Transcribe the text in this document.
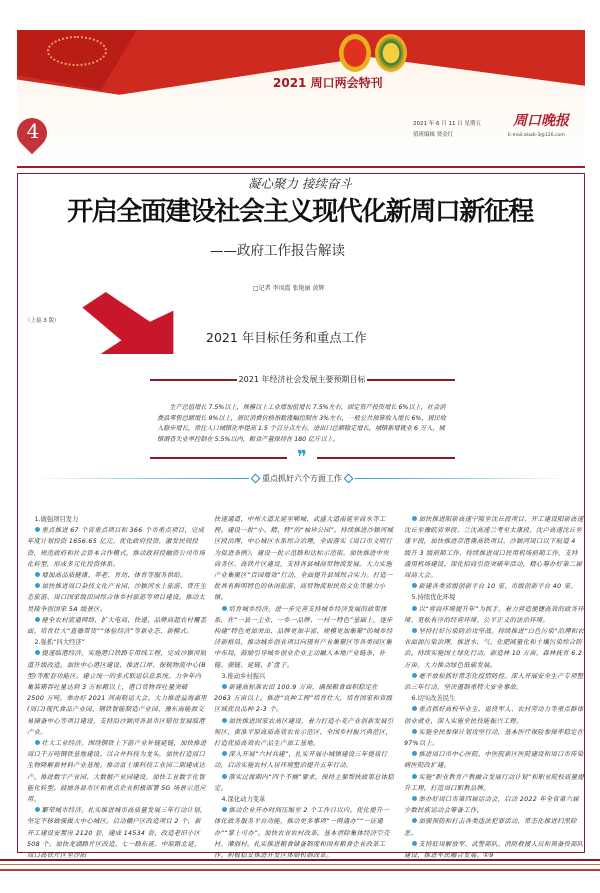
2021 周口两会特刊
4	2021 年 6 月 11 日 星期五
值班编辑 贾金红
周口晚报
E-mail:zkwb-3@126.com
凝心聚力 接续奋斗
开启全面建设社会主义现代化新周口新征程
——政府工作报告解读
□记者 李凤霞 张艳丽 黄辉
（上接 3 版）
2021 年目标任务和重点工作
2021 年经济社会发展主要预期目标
生产总值增长 7.5%以上，规模以上工业增加值增长 7.5%左右，固定资产投资增长 6%以上，社会消费品零售总额增长 9%以上，居民消费价格指数涨幅控制在 3%左右，一般公共预算收入增长 6%，居民收入稳步增长，常住人口城镇化率提高 1.5 个百分点左右，进出口总额稳定增长，城镇新增就业 6 万人，城镇调查失业率控制在 5.5%以内，粮食产量保持在 180 亿斤以上。
❞
重点抓好六个方面工作
1.做强项目发力
重点推进 67 个省重点项目和 366 个市重点项目，完成年度计划投资 1656.65 亿元。优化政府投资，激发民间投资，规范政府和社会资本合作模式，推动政府投融资公司市场化转型，形成多元化投资体系。
增加高品质健康、养老、育幼、体育等服务供给。
加快推进周口杂技文化产业园、沙颍河水上旅游、贾庄生态旅游、周口国家级田园综合体乡村旅游等项目建设。推动太昊陵争创国家 5A 级景区。
健全农村流通网络，扩大电商、快递、品牌商超农村覆盖面。培育壮大“直播带货”“体验经济”等新业态、新模式。
2.强抓“四大经济”
提速临港经济。实施港口铁路专用线工程，完成沙颍河航道升级改造。加快中心港区建设，推进口岸、保税物流中心(B 型)等配套功能区。建立统一的多式联运信息系统。力争年内集装箱吞吐量达到 3 万标箱以上，港口货物吞吐量突破 2500 万吨。举办好 2021 河南联运大会。大力推进益海嘉里(周口)现代食品产业园、钢铁智能制造产业园、豫东南能源交易储备中心等项目建设，支持沿沙颍河各县市区错位发展临港产业。
壮大工业经济。围绕钢铁上下游产业补链延链，加快推进周口千万吨钢铁基地建设。以合并科技为龙头，加快打造周口生物降解新材料产业基地。推动富士康科技工业园二期建成达产。推进数字产业园、大数据产业园建设，加快工业数字化智能化转型。鼓励各县市区和重点企业积极部署 5G 场景示范应用。
繁荣城市经济。扎实推进城市高质量发展三年行动计划，坚定不移做强做大中心城区。启动棚户区改造项目 2 个，新开工建设安置房 2120 套，建成 14534 套，改造老旧小区 508 个。加快龙湖路片区改造、七一路东延、中原路北延、周口高铁片区至沙阳
快速通道、中州大道北延至郸城、武盛大道南延至商水等工程。建设一批“小、精、特”的“袖珍公园”。持续推进沙颍河城区段治理、中心城区水系综合治理。全面落实《周口市文明行为促进条例》，建设一批示范路和达标示范街。加快推进中央商务区、高铁片区建设，支持各县城商贸物流发展。大力实施产业集聚区“百园增效”行动，全面提升县域综合实力。打造一批具有鲜明特色的休闲旅游、商贸物流和民俗文化等魅力小镇。
培育城乡经济。进一步完善支持城乡经济发展的政策体系，在“一县一主业、一乡一品牌、一村一特色”基础上，逐步构建“特色更加突出、品牌更加丰富、规模更加集聚”的城乡经济新格局，推动城乡创业项目向现有产业集聚区等各类园区集中布局，鼓励引导城乡创业企业主动融入本地产业链条，补链、强链、延链、扩盘子。
3.推动乡村振兴
新建高标准农田 100.9 万亩，确保粮食面积稳定在 2063 万亩以上。推进“良种工程”培育壮大，培育国家和省级区域优良品种 2-3 个。
加快推进国家农高区建设，着力打造小麦产业创新发展引领区、黄淮平原高质高效农业示范区、全国乡村振兴典范区，打造优质高效农产品生产加工基地。
深入开展“六村共建”，扎实开展小城镇建设三年提质行动，启动实施农村人居环境整治提升五年行动。
落实过渡期内“四个不摘”要求，保持主要帮扶政策总体稳定。
4.深化动力变革
推动企业开办时间压缩至 2 个工作日以内。优化提升一体化政务服务平台功能，推动更多事项“一网通办”“一证通办”“掌上可办”。加快农业农村改革。基本消除集体经济空壳村、薄弱村。扎实推进粮食储备制度和国有粮食企业改革工作。积极稳妥推进开发区体制机制改革。
加快推进阳新高速宁陵至沈丘段项目，开工建设阳新高速沈丘至豫皖省界段、兰沈高速兰考至太康段、沈卢高速沈丘至遂平段，加快推进京港澳高铁项目，沙颍河周口以下航道 4 级升 3 级前期工作，持续推进周口民用机场前期工作，支持通用机场建设。深化招商引资突破年活动，精心筹办好第二届周商大会。
新建各类省级创新平台 10 家、市级创新平台 40 家。
5.持续优化环境
以“营商环境提升年”为抓手，着力营造便捷高效的政务环境、宽松有序的经营环境、公平正义的法治环境。
坚持打好污染防治攻坚战。持续推进“白色污染”治理和农业面源污染治理，推进水、气、化肥减量化和土壤污染综合防治。持续实施国土绿化行动，新造林 10 万亩，森林抚育 6.2 万亩。大力推动绿色低碳发展。
毫不放松抓好常态化疫情防控。深入开展安全生产专项整治三年行动，坚决遏制重特大安全事故。
6.切实改善民生
重点抓好高校毕业生、退役军人、农村劳动力等重点群体创业就业，深入实施全民技能振兴工程。
实施全民参保计划攻坚行动，基本医疗保险参保率稳定在 97%以上。
推进周口市中心医院、中医院新区医院建设和周口市传染病医院改扩建。
实施“职业教育产教融合发展行动计划”和职业院校质量提升工程，打造周口职教品牌。
举办好周口市第四届运动会，启动 2022 年全省第六届少数民族运动会筹备工作。
加强预防和打击各类违法犯罪活动，常态化推进扫黑除恶。
支持驻周解放军、武警部队、消防救援人员和预备役部队建设，推进军民融合发展。①9
